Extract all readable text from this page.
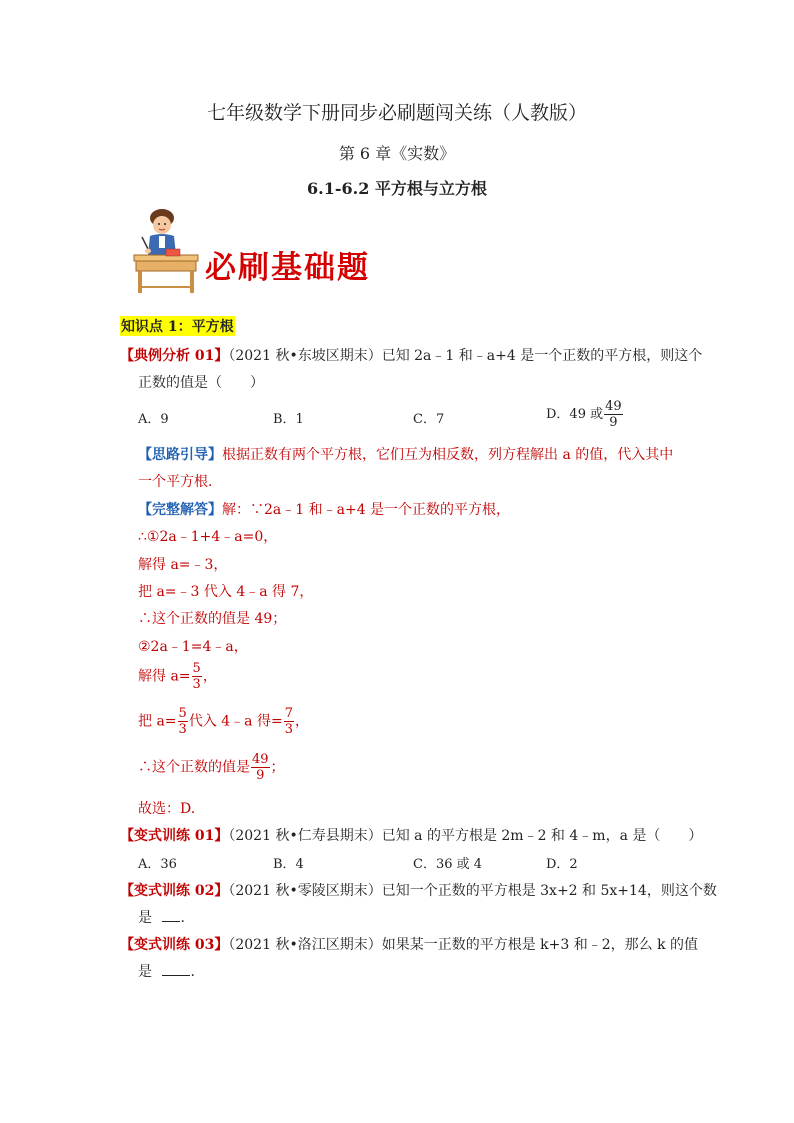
七年级数学下册同步必刷题闯关练（人教版）
第 6 章《实数》
6.1-6.2 平方根与立方根
必刷基础题
知识点 1：平方根
【典例分析 01】（2021 秋•东坡区期末）已知 2a﹣1 和﹣a+4 是一个正数的平方根，则这个
正数的值是（　　）
A．9	B．1	C．7	D．49 或 $\frac{49}{9}$
【思路引导】根据正数有两个平方根，它们互为相反数，列方程解出 a 的值，代入其中
一个平方根．
【完整解答】解：∵2a﹣1 和﹣a+4 是一个正数的平方根，
∴①2a﹣1+4﹣a=0，
解得 a=﹣3，
把 a=﹣3 代入 4﹣a 得 7，
∴这个正数的值是 49；
②2a﹣1=4﹣a，
解得 $a= \frac{5}{3}$ ，
把 $a= \frac{5}{3}$ 代入 4﹣a 得= $\frac{7}{3}$ ，
∴这个正数的值是 $\frac{49}{9}$ ；
故选：D.
【变式训练 01】（2021 秋•仁寿县期末）已知 a 的平方根是 2m﹣2 和 4﹣m，a 是（　　）
A．36	B．4	C．36 或 4	D．2
【变式训练 02】（2021 秋•零陵区期末）已知一个正数的平方根是 3x+2 和 5x+14，则这个数
是 .
【变式训练 03】（2021 秋•洛江区期末）如果某一正数的平方根是 k+3 和﹣2，那么 k 的值
是	.
